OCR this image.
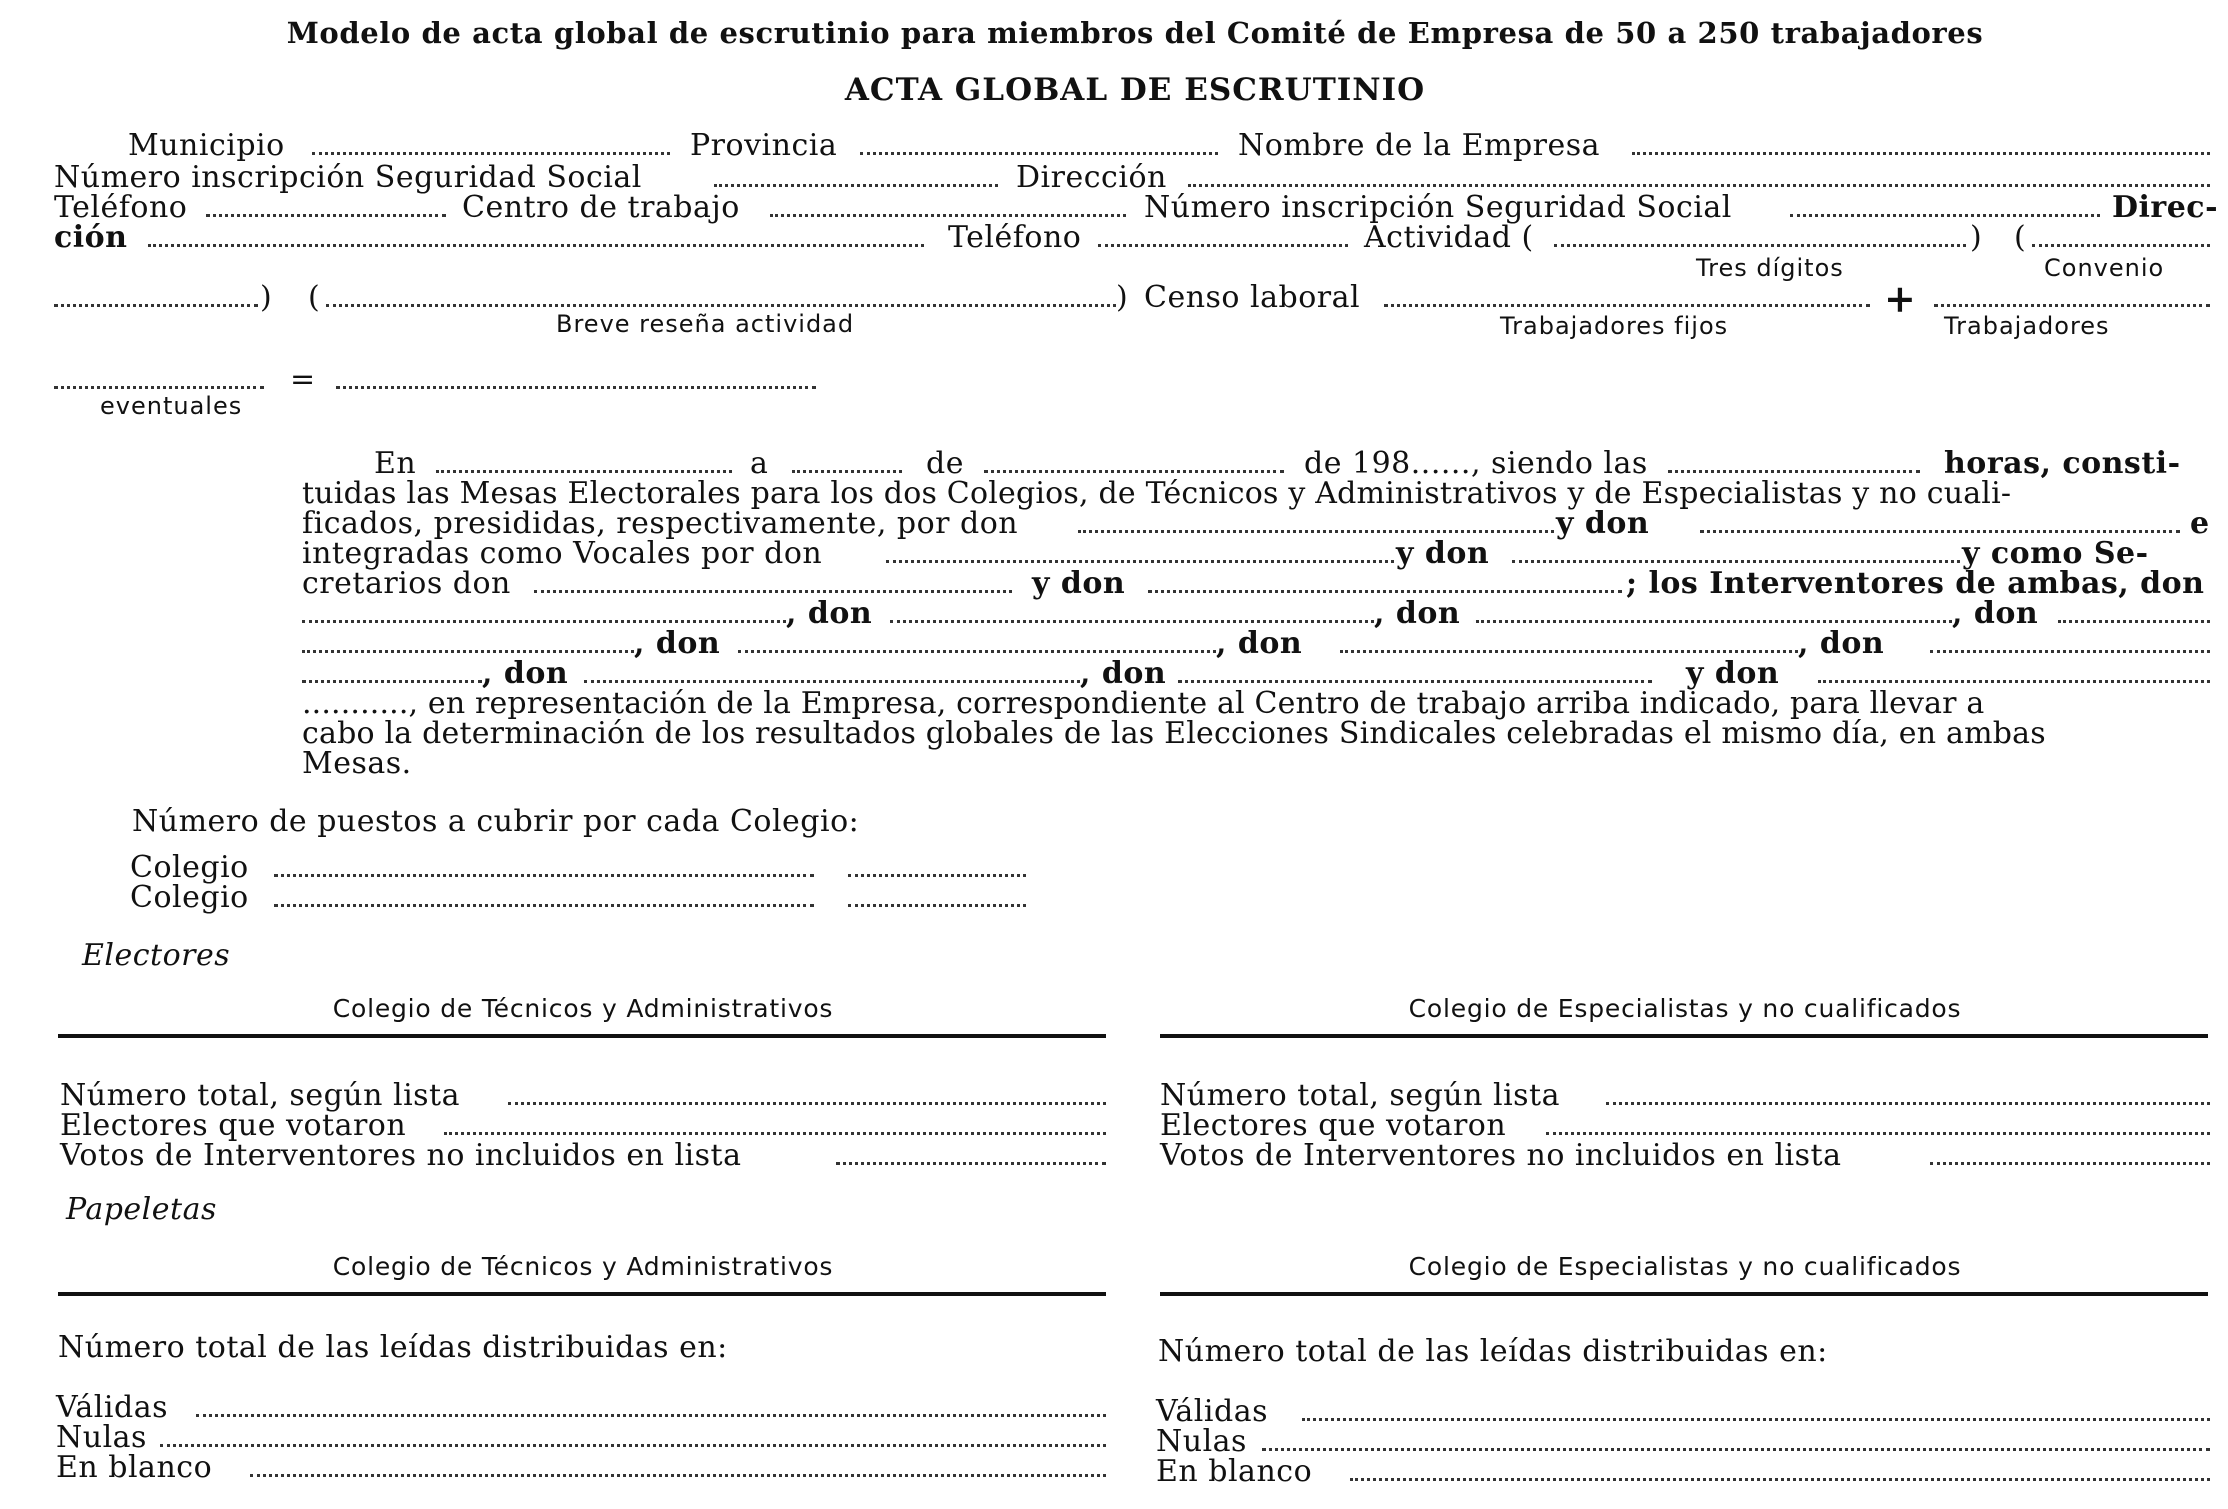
Modelo de acta global de escrutinio para miembros del Comité de Empresa de 50 a 250 trabajadores
ACTA GLOBAL DE ESCRUTINIO
Municipio	Provincia	Nombre de la Empresa
Número inscripción Seguridad Social	Dirección
Teléfono	Centro de trabajo	Número inscripción Seguridad Social	Direc-
ción	Teléfono	Actividad (	) (
Tres dígitos	Convenio
) (	) Censo laboral	+
Breve reseña actividad	Trabajadores fijos	Trabajadores
=
eventuales
En	a	de	de 198......, siendo las	horas, consti-
tuidas las Mesas Electorales para los dos Colegios, de Técnicos y Administrativos y de Especialistas y no cuali-
ficados, presididas, respectivamente, por don	y don	e
integradas como Vocales por don	y don	y como Se-
cretarios don	y don	; los Interventores de ambas, don
, don	, don	, don
, don	, don	, don
, don	, don	y don
..........., en representación de la Empresa, correspondiente al Centro de trabajo arriba indicado, para llevar a
cabo la determinación de los resultados globales de las Elecciones Sindicales celebradas el mismo día, en ambas
Mesas.
Número de puestos a cubrir por cada Colegio:
Colegio
Colegio
Electores
Colegio de Técnicos y Administrativos	Colegio de Especialistas y no cualificados
Número total, según lista
Electores que votaron
Votos de Interventores no incluidos en lista
Número total, según lista
Electores que votaron
Votos de Interventores no incluidos en lista
Papeletas
Colegio de Técnicos y Administrativos	Colegio de Especialistas y no cualificados
Número total de las leídas distribuidas en:	Número total de las leídas distribuidas en:
Válidas
Nulas
En blanco
Válidas
Nulas
En blanco
